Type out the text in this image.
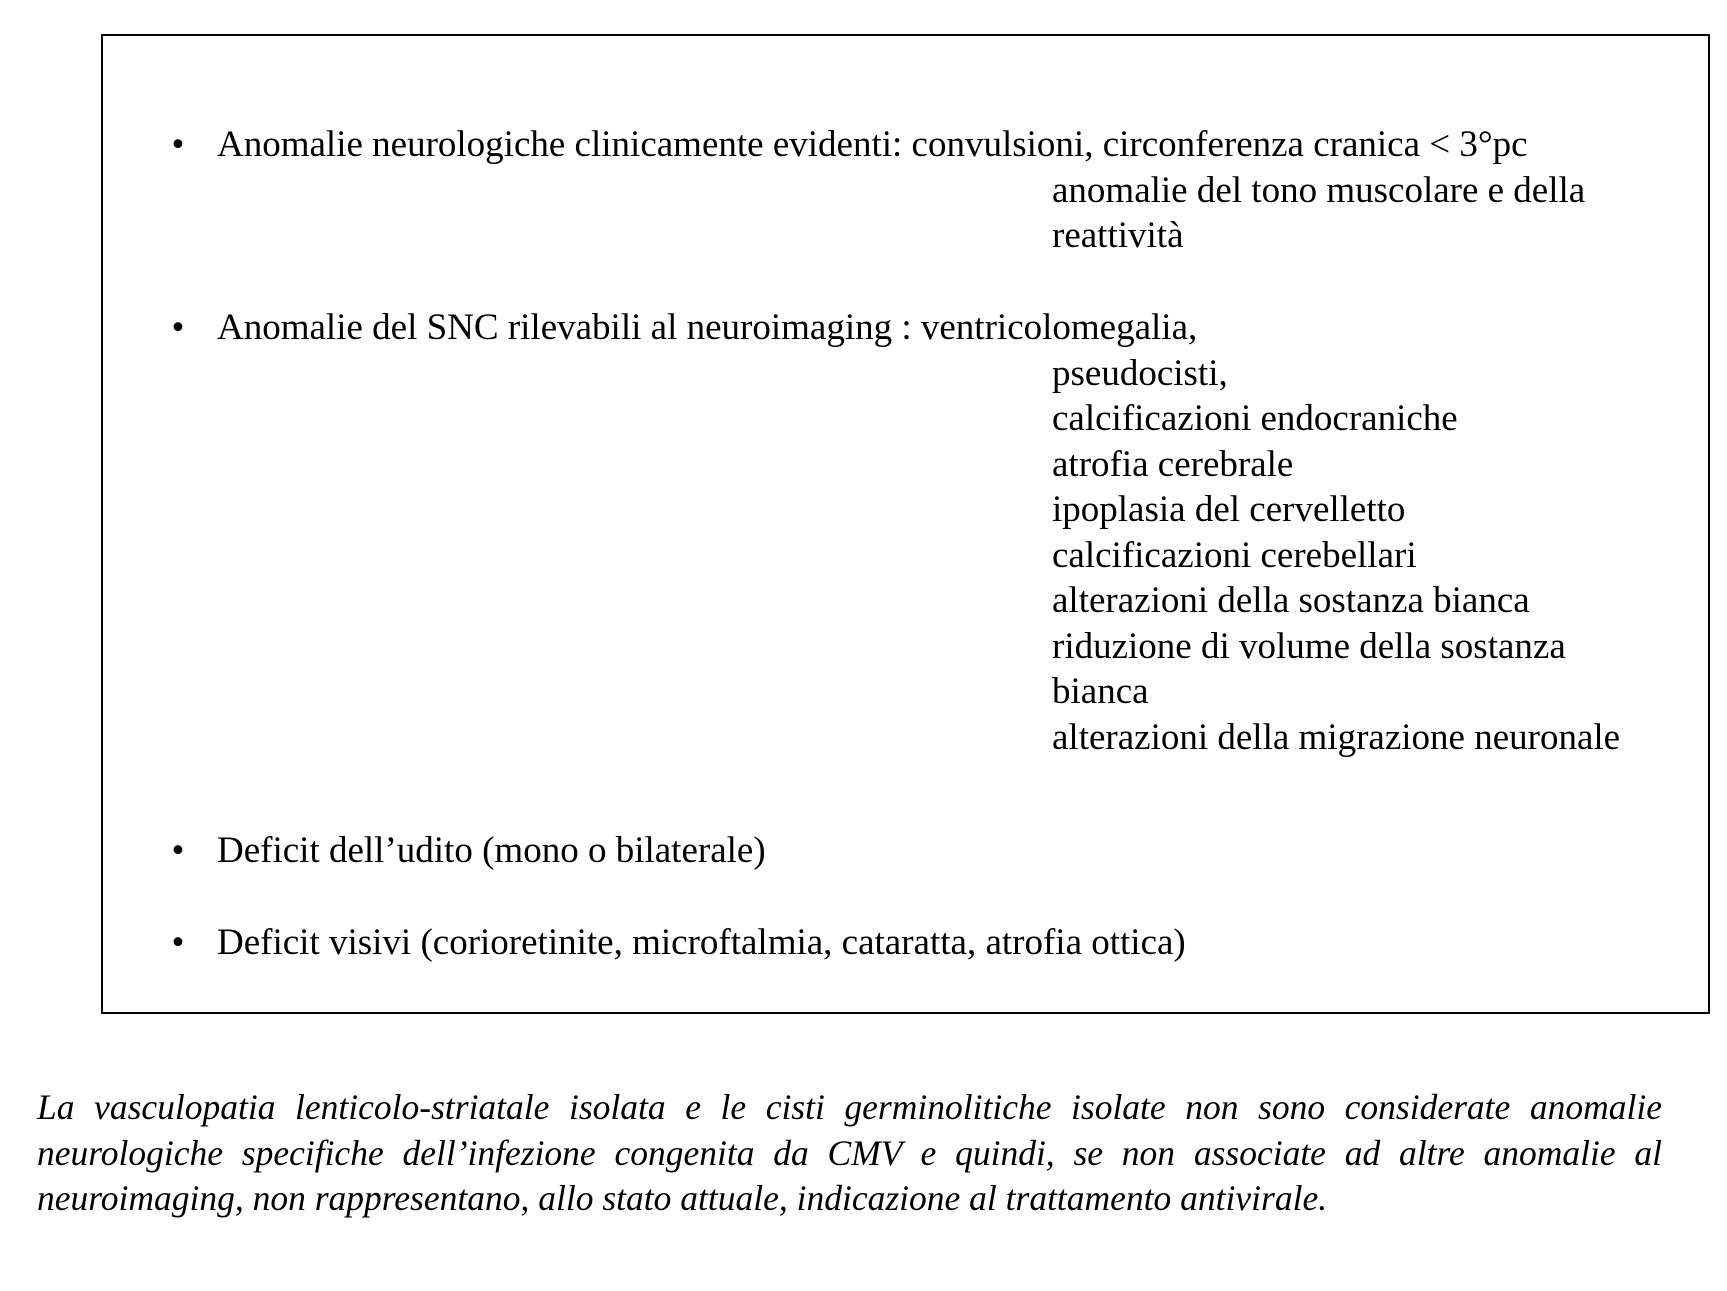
• Anomalie neurologiche clinicamente evidenti: convulsioni, circonferenza cranica < 3°pc
anomalie del tono muscolare e della
reattività
• Anomalie del SNC rilevabili al neuroimaging : ventricolomegalia,
pseudocisti,
calcificazioni endocraniche
atrofia cerebrale
ipoplasia del cervelletto
calcificazioni cerebellari
alterazioni della sostanza bianca
riduzione di volume della sostanza
bianca
alterazioni della migrazione neuronale
• Deficit dell’udito (mono o bilaterale)
• Deficit visivi (corioretinite, microftalmia, cataratta, atrofia ottica)
La vasculopatia lenticolo-striatale isolata e le cisti germinolitiche isolate non sono considerate anomalie neurologiche specifiche dell’infezione congenita da CMV e quindi, se non associate ad altre anomalie al neuroimaging, non rappresentano, allo stato attuale, indicazione al trattamento antivirale.
